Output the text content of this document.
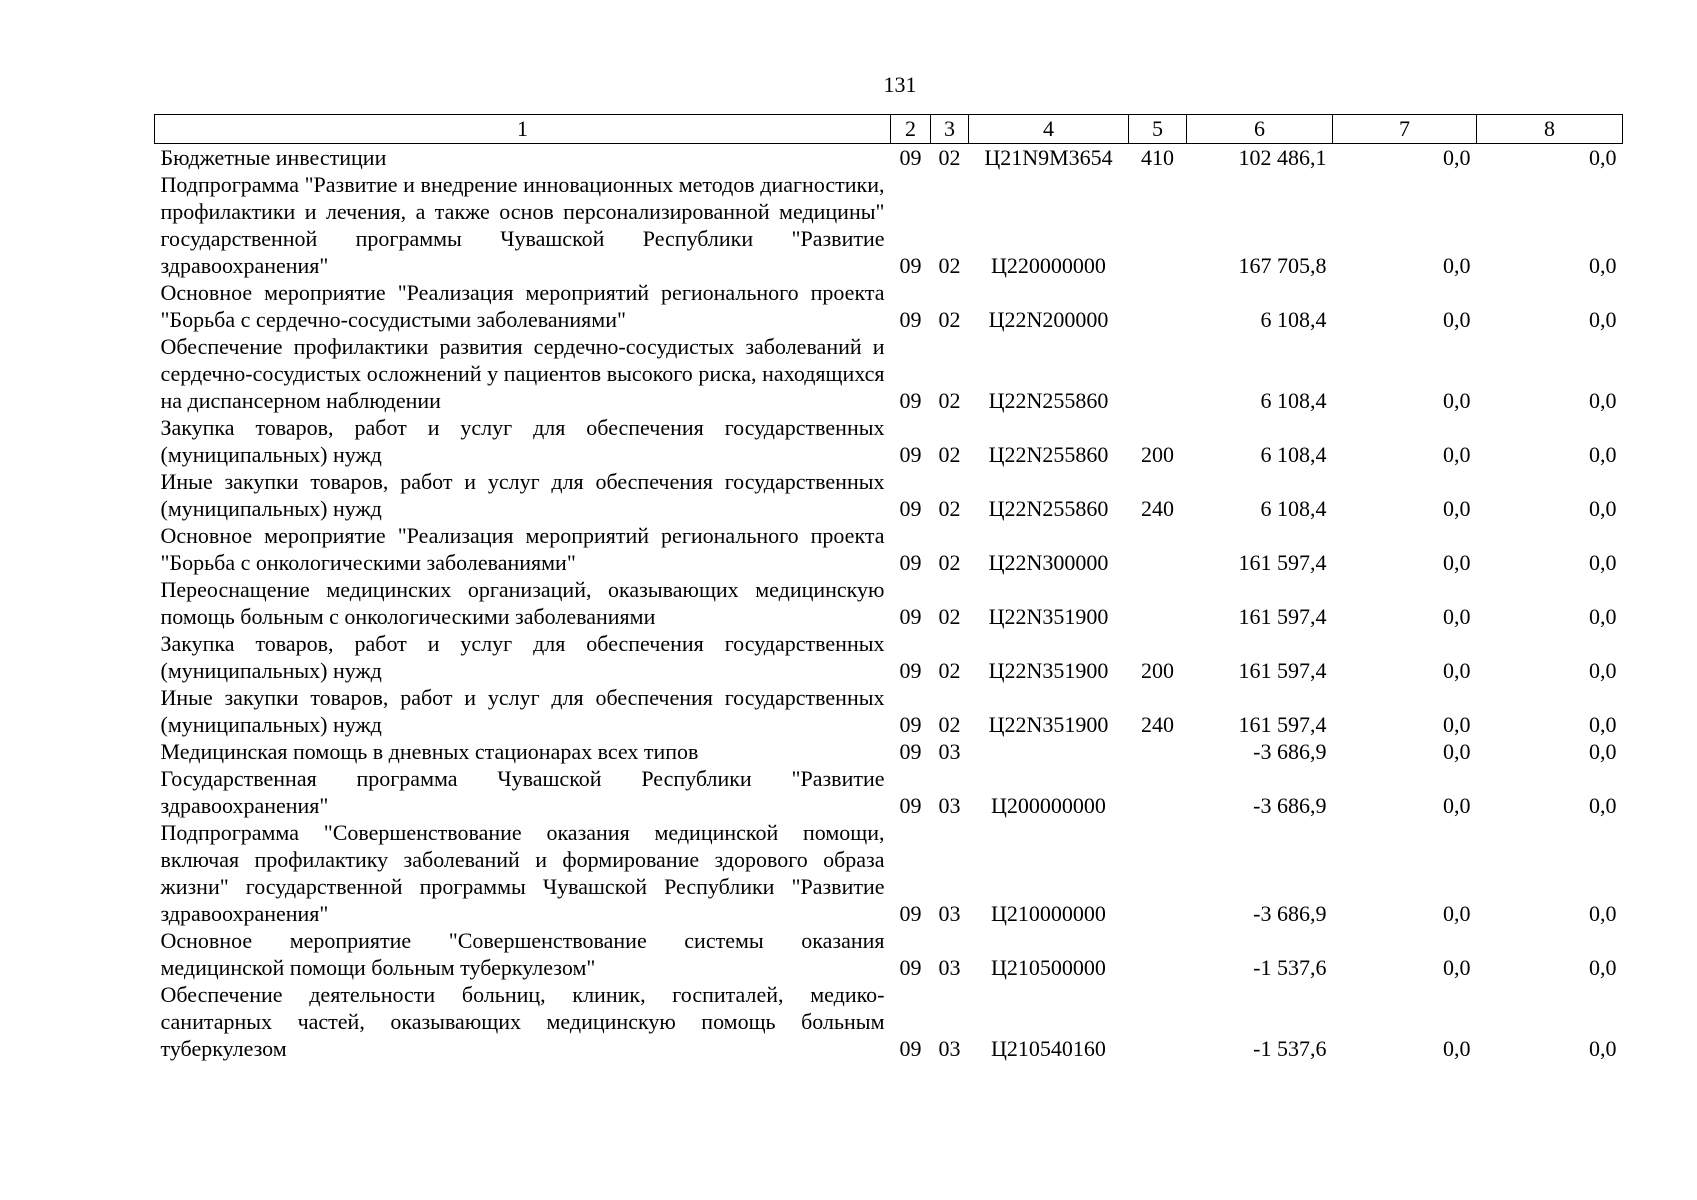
131
1	2	3	4	5	6	7	8
Бюджетные инвестиции	09	02	Ц21N9М3654	410	102 486,1	0,0	0,0
Подпрограмма "Развитие и внедрение инновационных методов диагностики, профилактики и лечения, а также основ персонализированной медицины" государственной программы Чувашской Республики "Развитие здравоохранения"	09	02	Ц220000000		167 705,8	0,0	0,0
Основное мероприятие "Реализация мероприятий регионального проекта "Борьба с сердечно-сосудистыми заболеваниями"	09	02	Ц22N200000		6 108,4	0,0	0,0
Обеспечение профилактики развития сердечно-сосудистых заболеваний и сердечно-сосудистых осложнений у пациентов высокого риска, находящихся на диспансерном наблюдении	09	02	Ц22N255860		6 108,4	0,0	0,0
Закупка товаров, работ и услуг для обеспечения государственных (муниципальных) нужд	09	02	Ц22N255860	200	6 108,4	0,0	0,0
Иные закупки товаров, работ и услуг для обеспечения государственных (муниципальных) нужд	09	02	Ц22N255860	240	6 108,4	0,0	0,0
Основное мероприятие "Реализация мероприятий регионального проекта "Борьба с онкологическими заболеваниями"	09	02	Ц22N300000		161 597,4	0,0	0,0
Переоснащение медицинских организаций, оказывающих медицинскую помощь больным с онкологическими заболеваниями	09	02	Ц22N351900		161 597,4	0,0	0,0
Закупка товаров, работ и услуг для обеспечения государственных (муниципальных) нужд	09	02	Ц22N351900	200	161 597,4	0,0	0,0
Иные закупки товаров, работ и услуг для обеспечения государственных (муниципальных) нужд	09	02	Ц22N351900	240	161 597,4	0,0	0,0
Медицинская помощь в дневных стационарах всех типов	09	03			-3 686,9	0,0	0,0
Государственная программа Чувашской Республики "Развитие здравоохранения"	09	03	Ц200000000		-3 686,9	0,0	0,0
Подпрограмма "Совершенствование оказания медицинской помощи, включая профилактику заболеваний и формирование здорового образа жизни" государственной программы Чувашской Республики "Развитие здравоохранения"	09	03	Ц210000000		-3 686,9	0,0	0,0
Основное мероприятие "Совершенствование системы оказания медицинской помощи больным туберкулезом"	09	03	Ц210500000		-1 537,6	0,0	0,0
Обеспечение деятельности больниц, клиник, госпиталей, медико-санитарных частей, оказывающих медицинскую помощь больным туберкулезом	09	03	Ц210540160		-1 537,6	0,0	0,0
